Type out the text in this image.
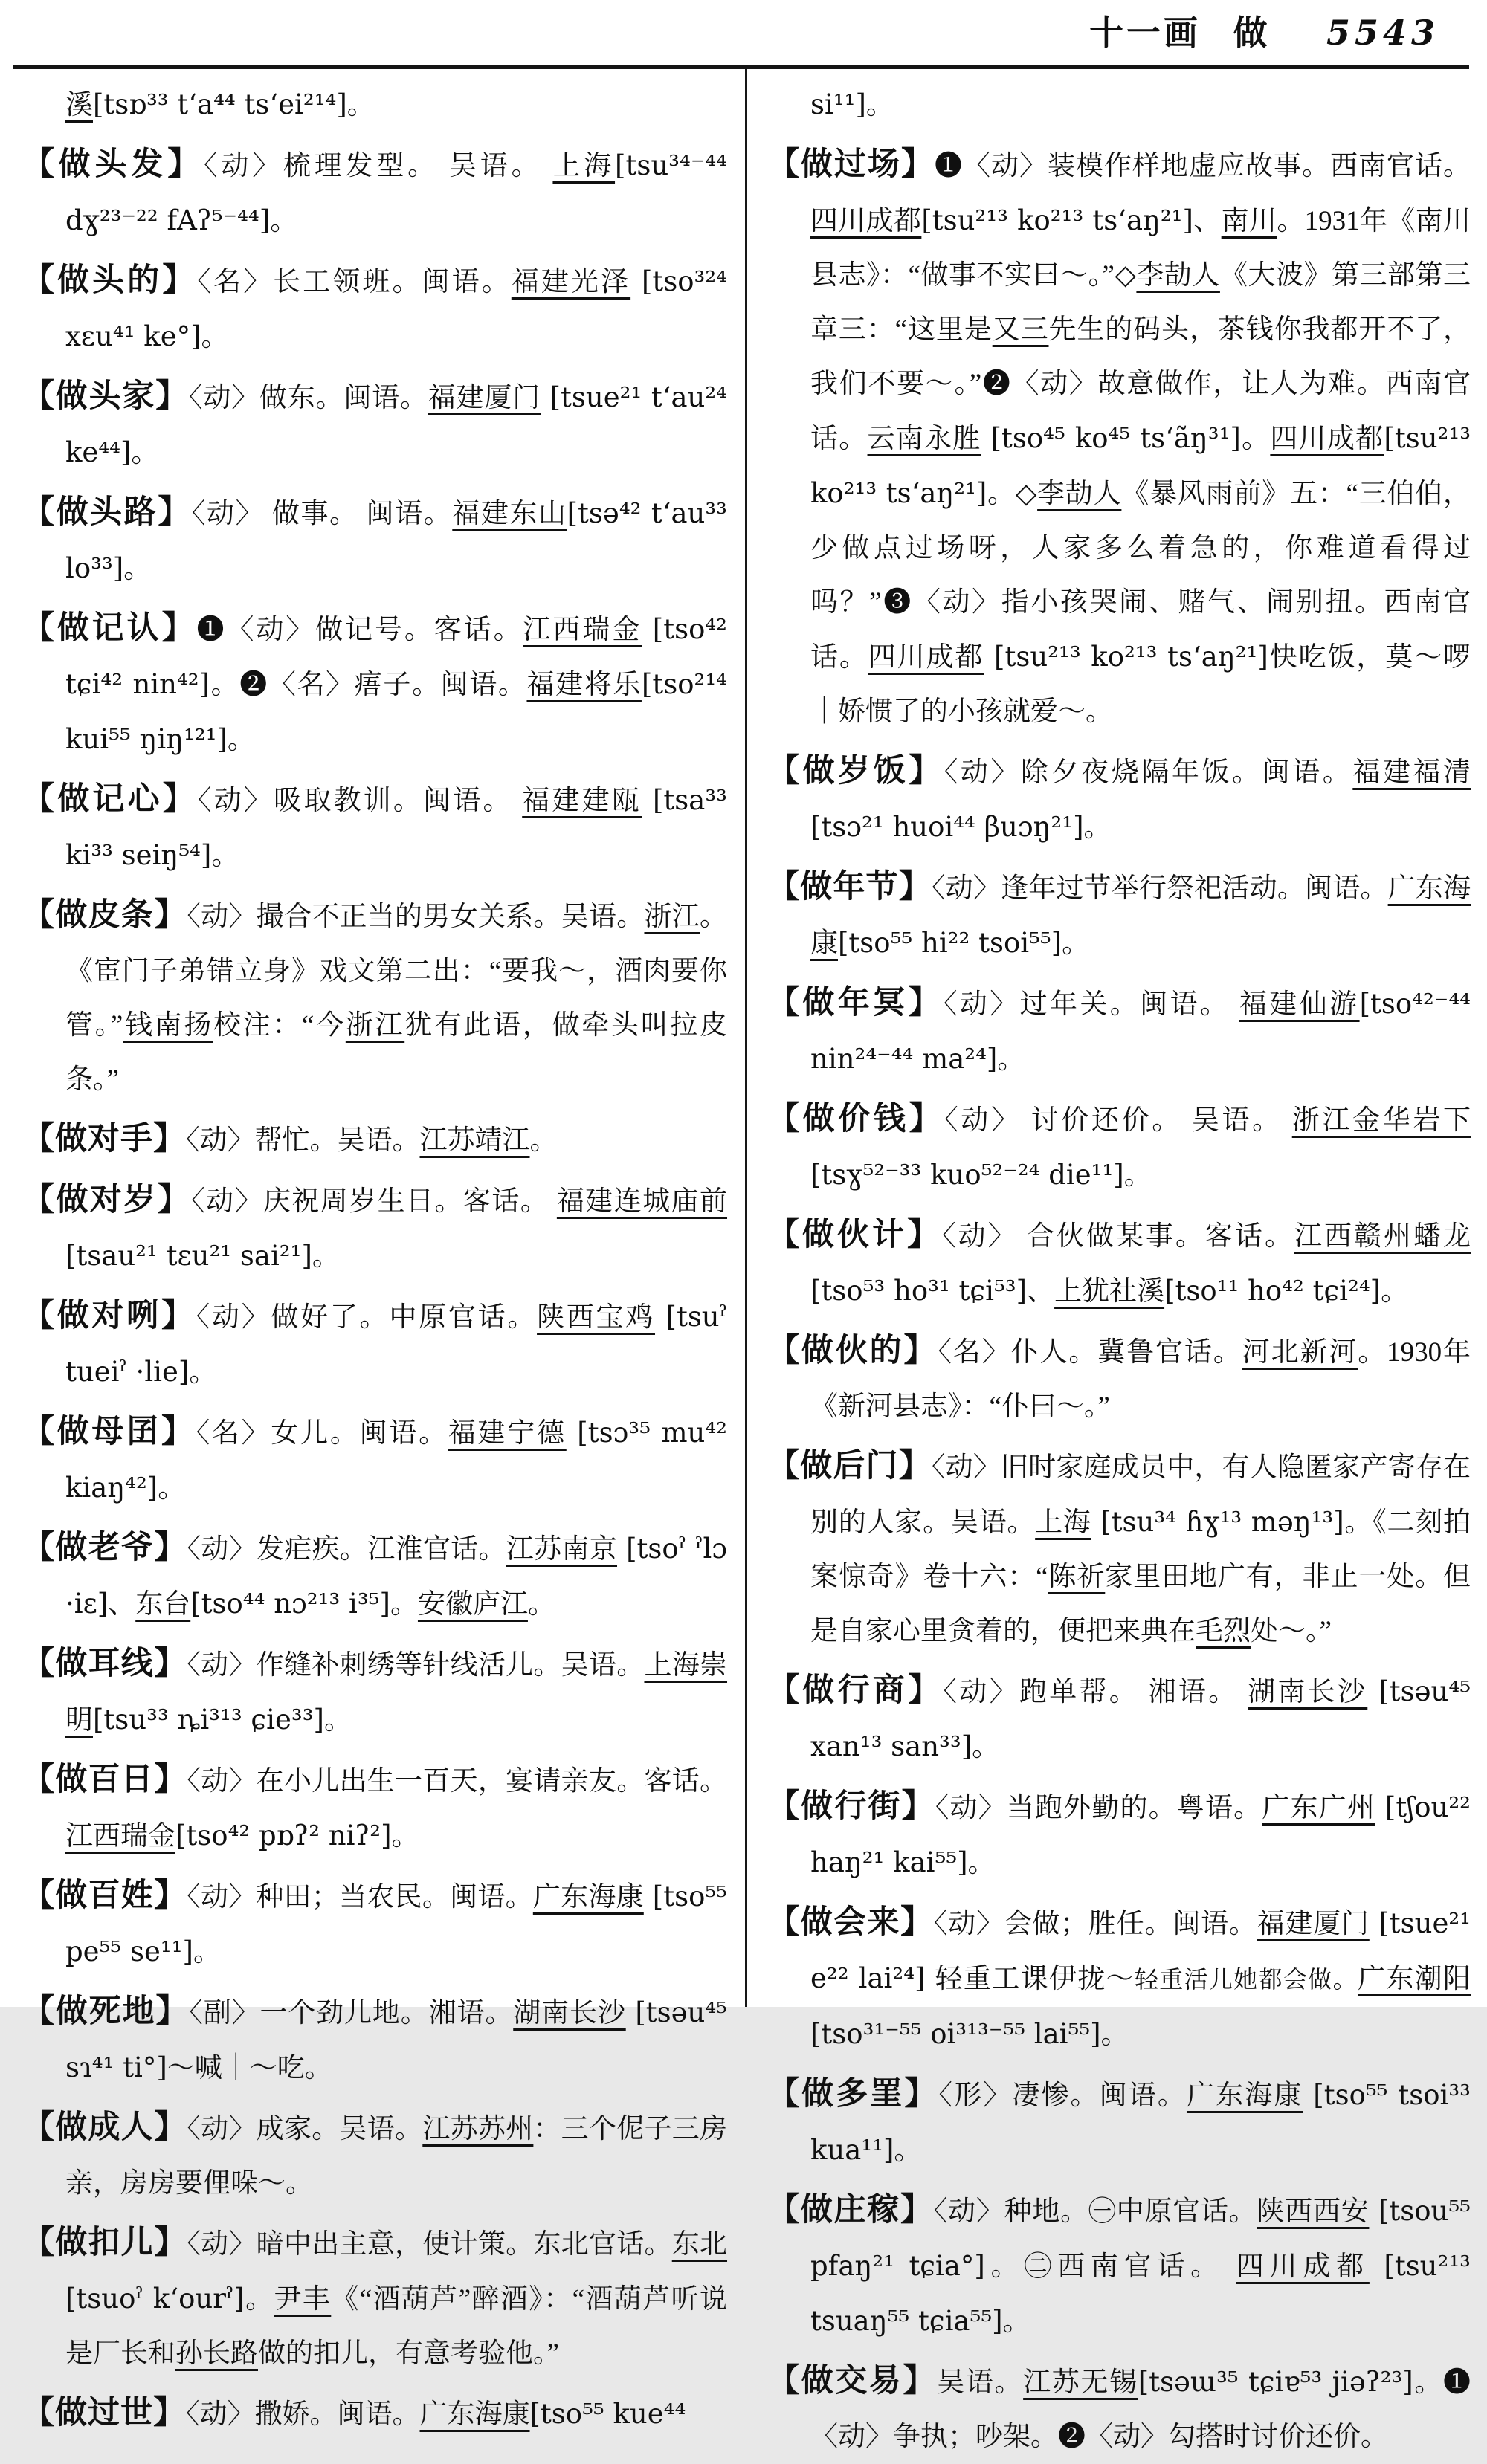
十一画 做 5543
溪[tsɒ³³ t‘a⁴⁴ ts‘ei²¹⁴]。
【做头发】〈动〉梳理发型。 吴语。 上海[tsu³⁴⁻⁴⁴ dɣ²³⁻²² fAʔ⁵⁻⁴⁴]。
【做头的】〈名〉长工领班。闽语。福建光泽 [tso³²⁴ xɛu⁴¹ ke°]。
【做头家】〈动〉做东。闽语。福建厦门 [tsue²¹ t‘au²⁴ ke⁴⁴]。
【做头路】〈动〉 做事。 闽语。福建东山[tsə⁴² t‘au³³ lo³³]。
【做记认】❶〈动〉做记号。客话。江西瑞金 [tso⁴² tɕi⁴² nin⁴²]。❷〈名〉痦子。闽语。福建将乐[tso²¹⁴ kui⁵⁵ ŋiŋ¹²¹]。
【做记心】〈动〉吸取教训。闽语。 福建建瓯 [tsa³³ ki³³ seiŋ⁵⁴]。
【做皮条】〈动〉撮合不正当的男女关系。吴语。浙江。《宦门子弟错立身》戏文第二出：“要我～，酒肉要你管。”钱南扬校注：“今浙江犹有此语，做牵头叫拉皮条。”
【做对手】〈动〉帮忙。吴语。江苏靖江。
【做对岁】〈动〉庆祝周岁生日。客话。 福建连城庙前 [tsau²¹ tɛu²¹ sai²¹]。
【做对咧】〈动〉做好了。中原官话。陕西宝鸡 [tsuˀ tueiˀ ·lie]。
【做母囝】〈名〉女儿。闽语。福建宁德 [tsɔ³⁵ mu⁴² kiaŋ⁴²]。
【做老爷】〈动〉发疟疾。江淮官话。江苏南京 [tsoˀ ˀlɔ ·iɛ]、东台[tso⁴⁴ nɔ²¹³ i³⁵]。安徽庐江。
【做耳线】〈动〉作缝补刺绣等针线活儿。吴语。上海崇明[tsu³³ ȵi³¹³ ɕie³³]。
【做百日】〈动〉在小儿出生一百天，宴请亲友。客话。江西瑞金[tso⁴² pɒʔ² niʔ²]。
【做百姓】〈动〉种田；当农民。闽语。广东海康 [tso⁵⁵ pe⁵⁵ se¹¹]。
【做死地】〈副〉一个劲儿地。湘语。湖南长沙 [tsəu⁴⁵ sɿ⁴¹ ti°]～喊｜～吃。
【做成人】〈动〉成家。吴语。江苏苏州：三个伲子三房亲，房房要俚哚～。
【做扣儿】〈动〉暗中出主意，使计策。东北官话。东北[tsuoˀ k‘ourˀ]。尹丰《“酒葫芦”醉酒》：“酒葫芦听说是厂长和孙长路做的扣儿，有意考验他。”
【做过世】〈动〉撒娇。闽语。广东海康[tso⁵⁵ kue⁴⁴
si¹¹]。
【做过场】❶〈动〉装模作样地虚应故事。西南官话。四川成都[tsu²¹³ ko²¹³ ts‘aŋ²¹]、南川。1931年《南川县志》：“做事不实曰～。”◇李劼人《大波》第三部第三章三：“这里是又三先生的码头，茶钱你我都开不了，我们不要～。”❷〈动〉故意做作，让人为难。西南官话。云南永胜 [tso⁴⁵ ko⁴⁵ ts‘ãŋ³¹]。四川成都[tsu²¹³ ko²¹³ ts‘aŋ²¹]。◇李劼人《暴风雨前》五：“三伯伯，少做点过场呀，人家多么着急的，你难道看得过吗？”❸〈动〉指小孩哭闹、赌气、闹别扭。西南官话。四川成都 [tsu²¹³ ko²¹³ ts‘aŋ²¹]快吃饭，莫～啰｜娇惯了的小孩就爱～。
【做岁饭】〈动〉除夕夜烧隔年饭。闽语。福建福清 [tsɔ²¹ huoi⁴⁴ βuɔŋ²¹]。
【做年节】〈动〉逢年过节举行祭祀活动。闽语。广东海康[tso⁵⁵ hi²² tsoi⁵⁵]。
【做年冥】〈动〉过年关。闽语。 福建仙游[tso⁴²⁻⁴⁴ nin²⁴⁻⁴⁴ ma²⁴]。
【做价钱】〈动〉 讨价还价。 吴语。 浙江金华岩下 [tsɣ⁵²⁻³³ kuo⁵²⁻²⁴ die¹¹]。
【做伙计】〈动〉 合伙做某事。客话。江西赣州蟠龙 [tso⁵³ ho³¹ tɕi⁵³]、上犹社溪[tso¹¹ ho⁴² tɕi²⁴]。
【做伙的】〈名〉仆人。冀鲁官话。河北新河。1930年《新河县志》：“仆曰～。”
【做后门】〈动〉旧时家庭成员中，有人隐匿家产寄存在别的人家。吴语。上海 [tsu³⁴ ɦɣ¹³ məŋ¹³]。《二刻拍案惊奇》卷十六：“陈祈家里田地广有，非止一处。但是自家心里贪着的，便把来典在毛烈处～。”
【做行商】〈动〉跑单帮。 湘语。 湖南长沙 [tsəu⁴⁵ xan¹³ san³³]。
【做行街】〈动〉当跑外勤的。粤语。广东广州 [tʃou²² haŋ²¹ kai⁵⁵]。
【做会来】〈动〉会做；胜任。闽语。福建厦门 [tsue²¹ e²² lai²⁴] 轻重工课伊拢～轻重活儿她都会做。广东潮阳[tso³¹⁻⁵⁵ oi³¹³⁻⁵⁵ lai⁵⁵]。
【做多罣】〈形〉凄惨。闽语。广东海康 [tso⁵⁵ tsoi³³ kua¹¹]。
【做庄稼】〈动〉种地。㊀中原官话。陕西西安 [tsou⁵⁵ pfaŋ²¹ tɕia°]。㊁西南官话。 四川成都 [tsu²¹³ tsuaŋ⁵⁵ tɕia⁵⁵]。
【做交易】吴语。江苏无锡[tsəɯ³⁵ tɕiɐ⁵³ jiəʔ²³]。❶〈动〉争执；吵架。❷〈动〉勾搭时讨价还价。
